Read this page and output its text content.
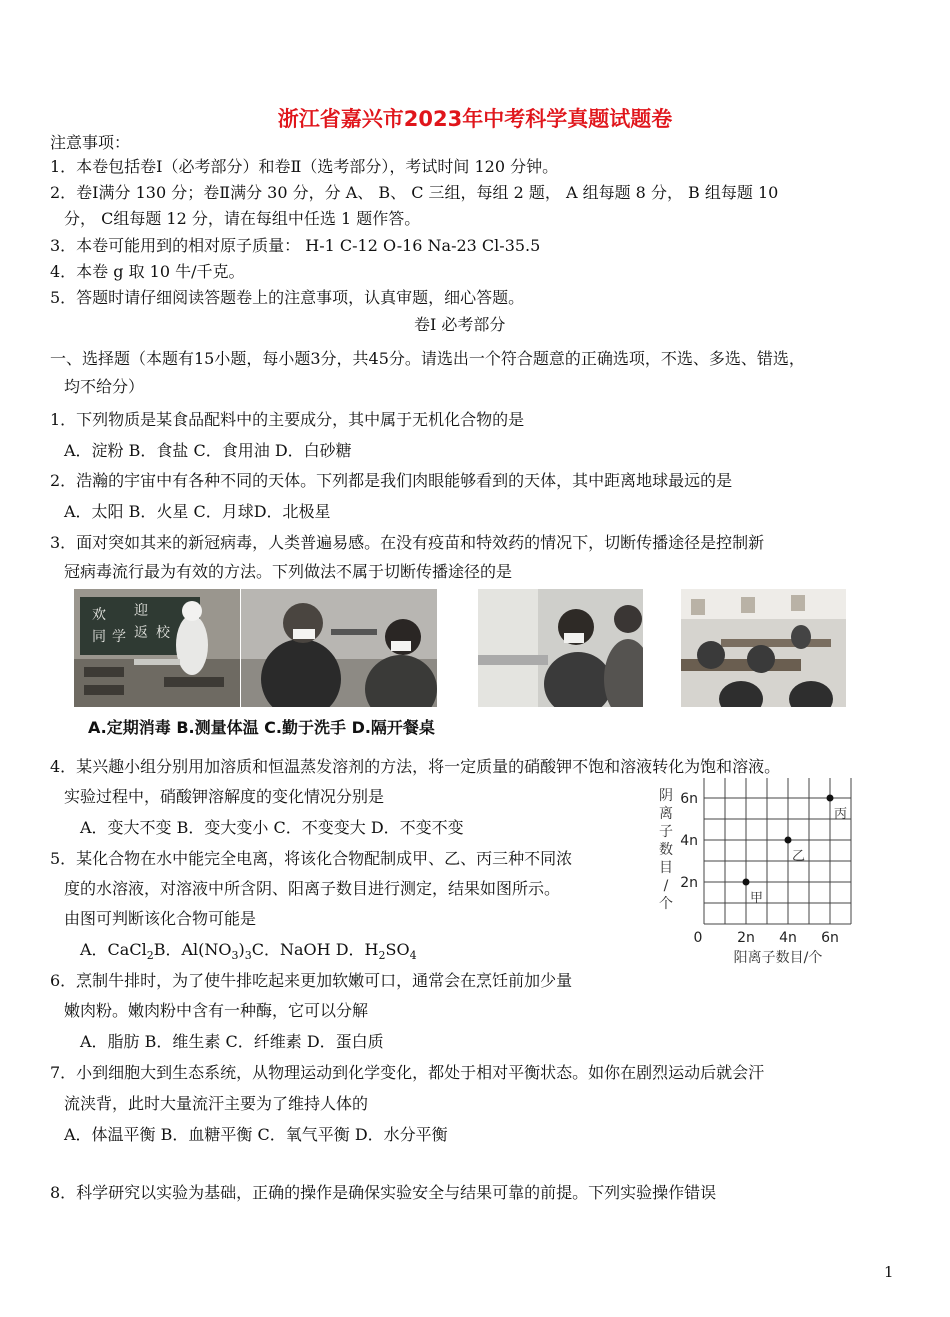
浙江省嘉兴市2023年中考科学真题试题卷
注意事项：
1．本卷包括卷Ⅰ（必考部分）和卷Ⅱ（选考部分），考试时间 120 分钟。
2．卷Ⅰ满分 130 分；卷Ⅱ满分 30 分，分 A、 B、 C 三组，每组 2 题， A 组每题 8 分， B 组每题 10
分， C组每题 12 分，请在每组中任选 1 题作答。
3．本卷可能用到的相对原子质量： H-1 C-12 O-16 Na-23 Cl-35.5
4．本卷 g 取 10 牛/千克。
5．答题时请仔细阅读答题卷上的注意事项，认真审题，细心答题。
卷Ⅰ 必考部分
一、选择题（本题有15小题，每小题3分，共45分。请选出一个符合题意的正确选项，不选、多选、错选，
均不给分）
1．下列物质是某食品配料中的主要成分，其中属于无机化合物的是
A．淀粉 B．食盐 C．食用油 D．白砂糖
2．浩瀚的宇宙中有各种不同的天体。下列都是我们肉眼能够看到的天体，其中距离地球最远的是
A．太阳 B．火星 C．月球D．北极星
3．面对突如其来的新冠病毒，人类普遍易感。在没有疫苗和特效药的情况下，切断传播途径是控制新
冠病毒流行最为有效的方法。下列做法不属于切断传播途径的是
欢 迎
同 学 返 校
A.定期消毒 B.测量体温 C.勤于洗手 D.隔开餐桌
4．某兴趣小组分别用加溶质和恒温蒸发溶剂的方法，将一定质量的硝酸钾不饱和溶液转化为饱和溶液。
实验过程中，硝酸钾溶解度的变化情况分别是
A．变大不变 B．变大变小 C．不变变大 D．不变不变
5．某化合物在水中能完全电离，将该化合物配制成甲、乙、丙三种不同浓
度的水溶液，对溶液中所含阴、阳离子数目进行测定，结果如图所示。
由图可判断该化合物可能是
A．CaCl$_2$B．$Al(NO_3)_3C$．NaOH D．$H_2SO_4$
阴
离
子
数
目
/
个
2n
4n
6n
0 2n 4n 6n
阳离子数目/个
甲
乙
丙
6．烹制牛排时，为了使牛排吃起来更加软嫩可口，通常会在烹饪前加少量
嫩肉粉。嫩肉粉中含有一种酶，它可以分解
A．脂肪 B．维生素 C．纤维素 D．蛋白质
7．小到细胞大到生态系统，从物理运动到化学变化，都处于相对平衡状态。如你在剧烈运动后就会汗
流浃背，此时大量流汗主要为了维持人体的
A．体温平衡 B．血糖平衡 C．氧气平衡 D．水分平衡
8．科学研究以实验为基础，正确的操作是确保实验安全与结果可靠的前提。下列实验操作错误
1
